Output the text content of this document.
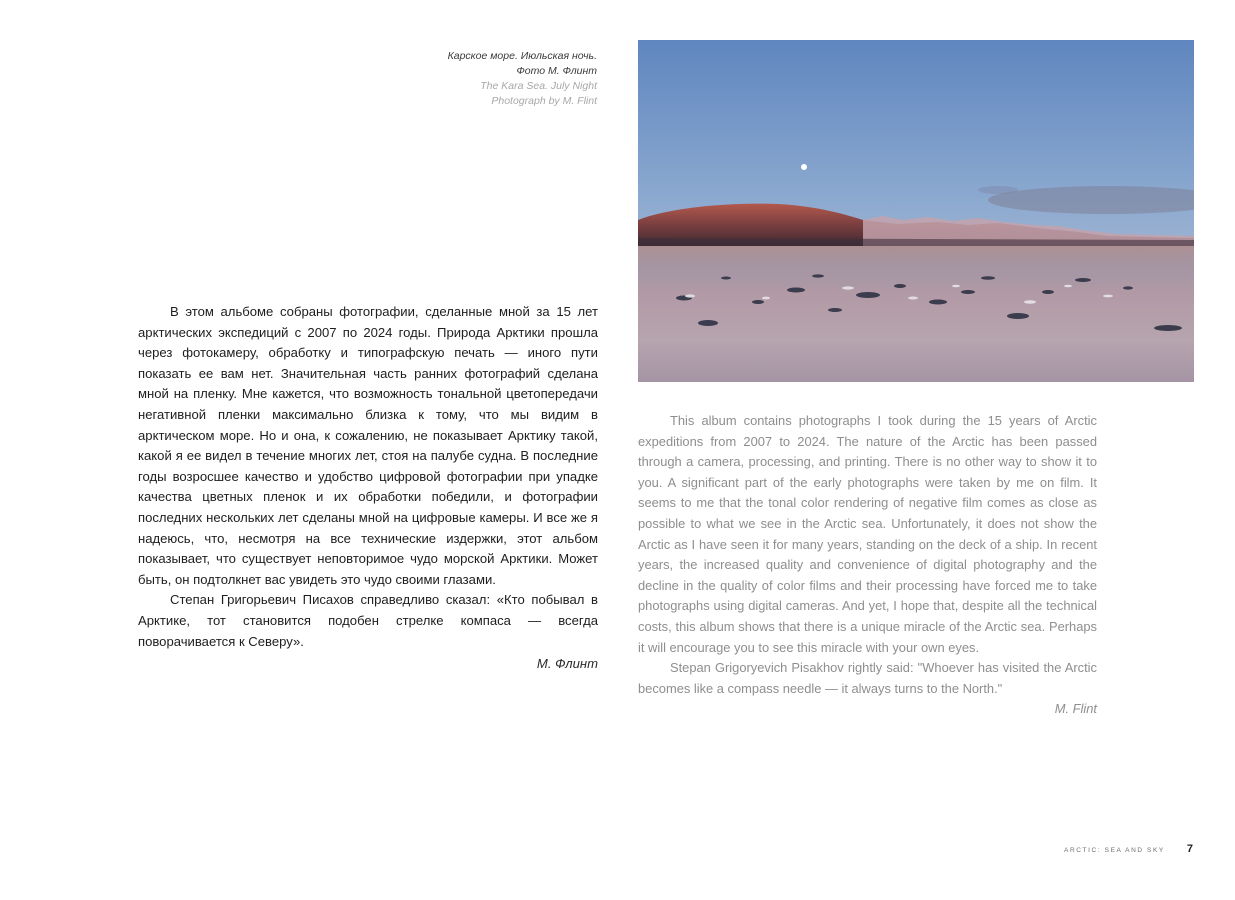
Карское море. Июльская ночь.
Фото М. Флинт
The Kara Sea. July Night
Photograph by M. Flint

В этом альбоме собраны фотографии, сделанные мной за 15 лет арктических экспедиций с 2007 по 2024 годы. Природа Арктики прошла через фотокамеру, обработку и типографскую печать — иного пути показать ее вам нет. Значительная часть ранних фотографий сделана мной на пленку. Мне кажется, что возможность тональной цветопередачи негативной пленки максимально близка к тому, что мы видим в арктическом море. Но и она, к сожалению, не показывает Арктику такой, какой я ее видел в течение многих лет, стоя на палубе судна. В последние годы возросшее качество и удобство цифровой фотографии при упадке качества цветных пленок и их обработки победили, и фотографии последних нескольких лет сделаны мной на цифровые камеры. И все же я надеюсь, что, несмотря на все технические издержки, этот альбом показывает, что существует неповторимое чудо морской Арктики. Может быть, он подтолкнет вас увидеть это чудо своими глазами.

Степан Григорьевич Писахов справедливо сказал: «Кто побывал в Арктике, тот становится подобен стрелке компаса — всегда поворачивается к Северу».

М. Флинт

This album contains photographs I took during the 15 years of Arctic expeditions from 2007 to 2024. The nature of the Arctic has been passed through a camera, processing, and printing. There is no other way to show it to you. A significant part of the early photographs were taken by me on film. It seems to me that the tonal color rendering of negative film comes as close as possible to what we see in the Arctic sea. Unfortunately, it does not show the Arctic as I have seen it for many years, standing on the deck of a ship. In recent years, the increased quality and convenience of digital photography and the decline in the quality of color films and their processing have forced me to take photographs using digital cameras. And yet, I hope that, despite all the technical costs, this album shows that there is a unique miracle of the Arctic sea. Perhaps it will encourage you to see this miracle with your own eyes.

Stepan Grigoryevich Pisakhov rightly said: "Whoever has visited the Arctic becomes like a compass needle — it always turns to the North."

M. Flint
ARCTIC: SEA AND SKY 7
